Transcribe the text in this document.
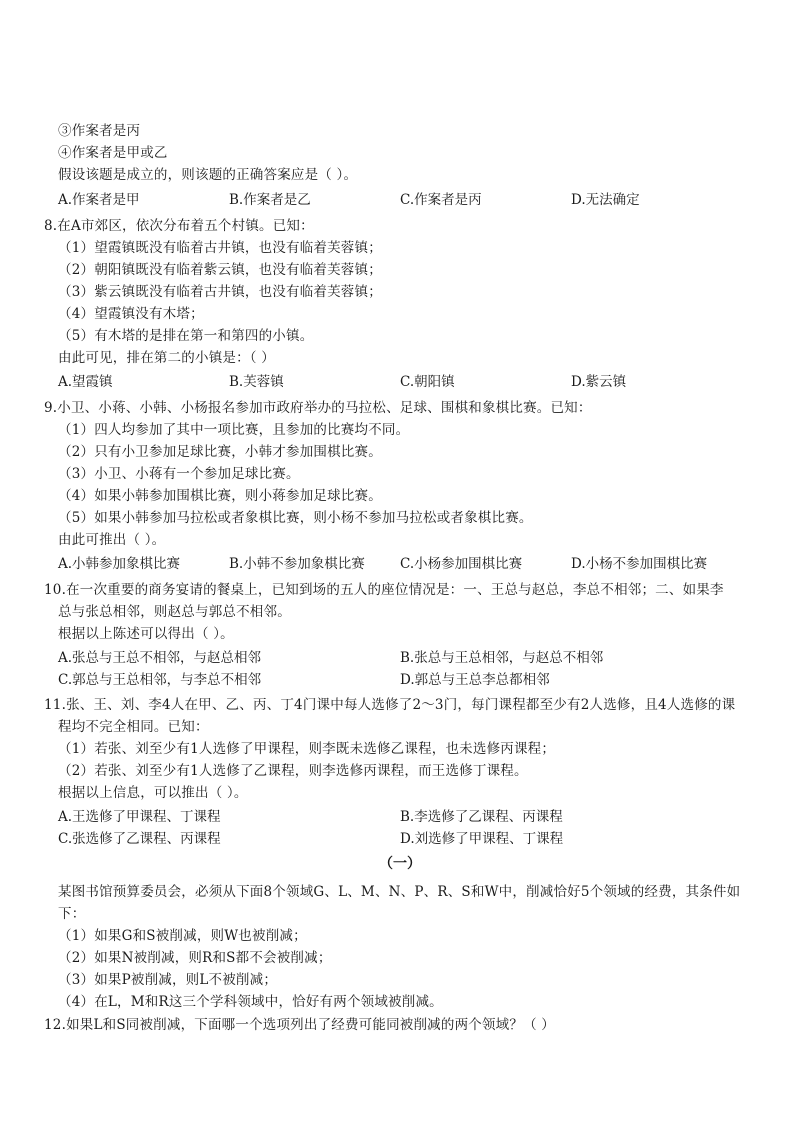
③作案者是丙
④作案者是甲或乙
假设该题是成立的，则该题的正确答案应是（ ）。
A.作案者是甲	B.作案者是乙	C.作案者是丙	D.无法确定
8.在A市郊区，依次分布着五个村镇。已知：
（1）望霞镇既没有临着古井镇，也没有临着芙蓉镇；
（2）朝阳镇既没有临着紫云镇，也没有临着芙蓉镇；
（3）紫云镇既没有临着古井镇，也没有临着芙蓉镇；
（4）望霞镇没有木塔；
（5）有木塔的是排在第一和第四的小镇。
由此可见，排在第二的小镇是：（ ）
A.望霞镇	B.芙蓉镇	C.朝阳镇	D.紫云镇
9.小卫、小蒋、小韩、小杨报名参加市政府举办的马拉松、足球、围棋和象棋比赛。已知：
（1）四人均参加了其中一项比赛，且参加的比赛均不同。
（2）只有小卫参加足球比赛，小韩才参加围棋比赛。
（3）小卫、小蒋有一个参加足球比赛。
（4）如果小韩参加围棋比赛，则小蒋参加足球比赛。
（5）如果小韩参加马拉松或者象棋比赛，则小杨不参加马拉松或者象棋比赛。
由此可推出（ ）。
A.小韩参加象棋比赛	B.小韩不参加象棋比赛	C.小杨参加围棋比赛	D.小杨不参加围棋比赛
10.在一次重要的商务宴请的餐桌上，已知到场的五人的座位情况是：一、王总与赵总，李总不相邻；二、如果李
总与张总相邻，则赵总与郭总不相邻。
根据以上陈述可以得出（ ）。
A.张总与王总不相邻，与赵总相邻	B.张总与王总相邻，与赵总不相邻
C.郭总与王总相邻，与李总不相邻	D.郭总与王总李总都相邻
11.张、王、刘、李4人在甲、乙、丙、丁4门课中每人选修了2～3门，每门课程都至少有2人选修，且4人选修的课
程均不完全相同。已知：
（1）若张、刘至少有1人选修了甲课程，则李既未选修乙课程，也未选修丙课程；
（2）若张、刘至少有1人选修了乙课程，则李选修丙课程，而王选修丁课程。
根据以上信息，可以推出（ ）。
A.王选修了甲课程、丁课程	B.李选修了乙课程、丙课程
C.张选修了乙课程、丙课程	D.刘选修了甲课程、丁课程
（一）
某图书馆预算委员会，必须从下面8个领域G、L、M、N、P、R、S和W中，削减恰好5个领域的经费，其条件如
下：
（1）如果G和S被削减，则W也被削减；
（2）如果N被削减，则R和S都不会被削减；
（3）如果P被削减，则L不被削减；
（4）在L，M和R这三个学科领域中，恰好有两个领域被削减。
12.如果L和S同被削减，下面哪一个选项列出了经费可能同被削减的两个领域？（ ）
